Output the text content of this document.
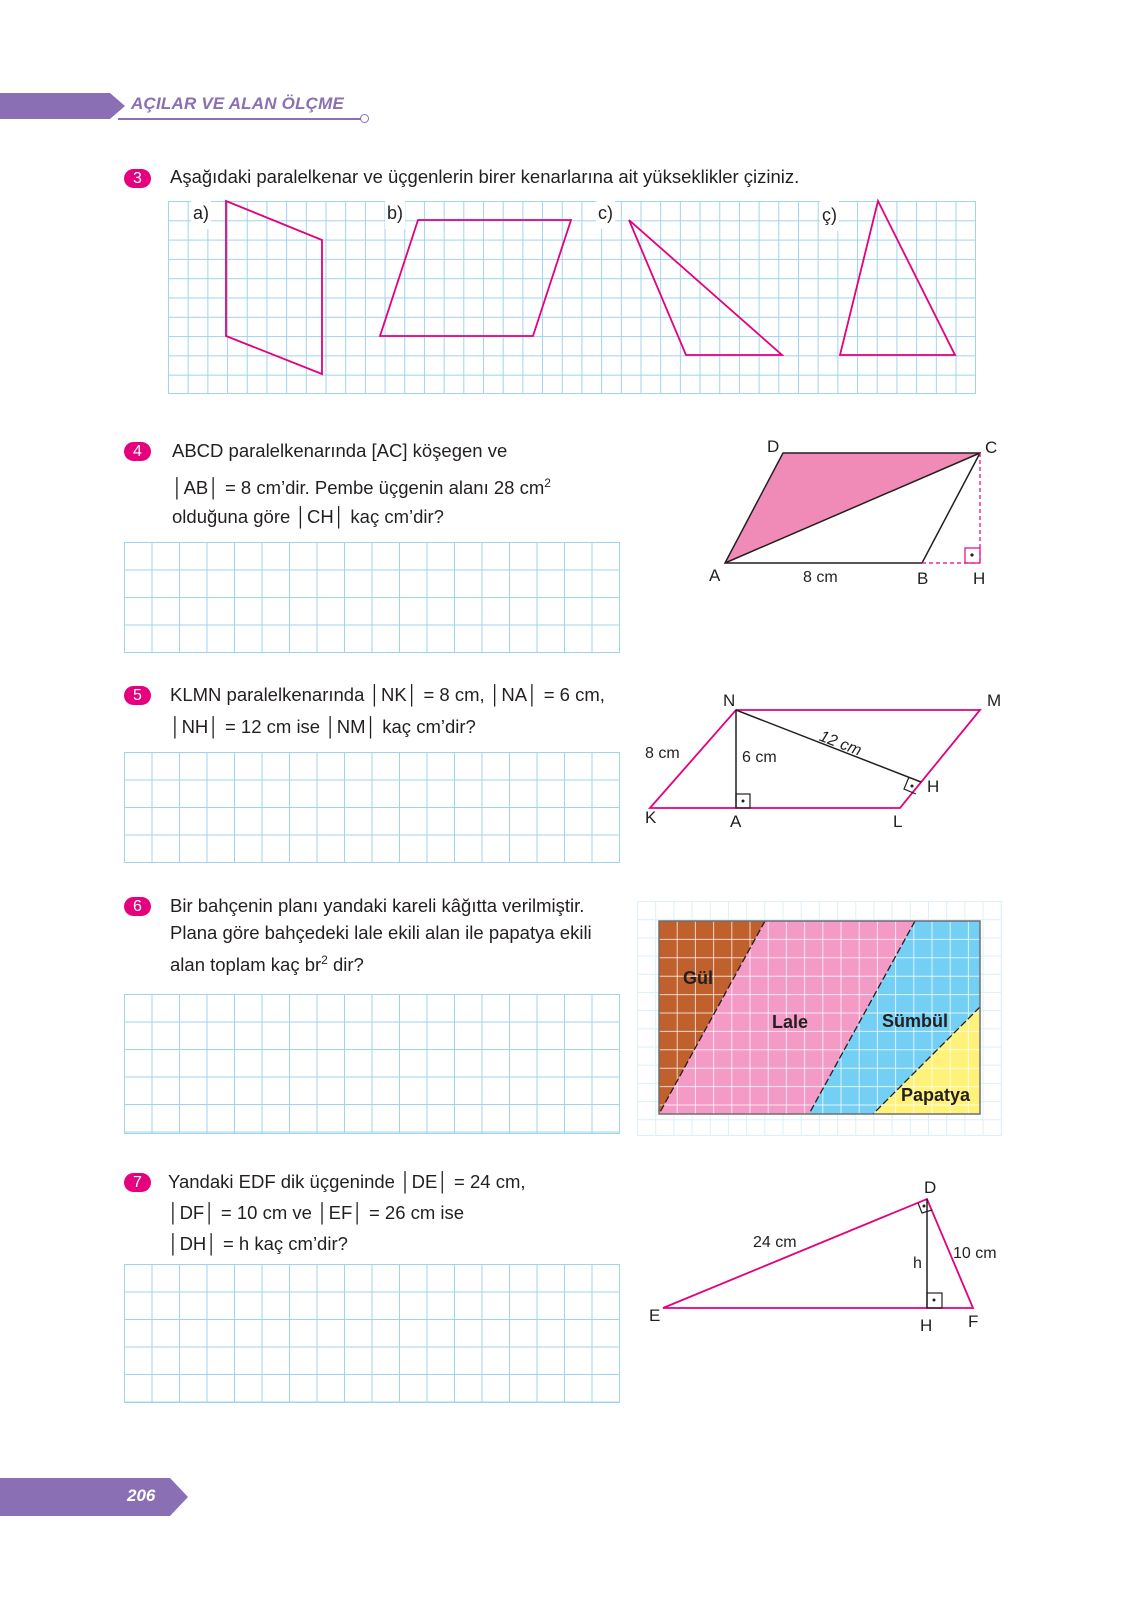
AÇILAR VE ALAN ÖLÇME
3	Aşağıdaki paralelkenar ve üçgenlerin birer kenarlarına ait yükseklikler çiziniz.
a)	b)	c)	ç)
4	ABCD paralelkenarında [AC] köşegen ve
│AB│ = 8 cm’dir. Pembe üçgenin alanı 28 $cm^2$
olduğuna göre │CH│ kaç cm’dir?
D	C
A	B	H
8 cm
5	KLMN paralelkenarında │NK│ = 8 cm, │NA│ = 6 cm,
│NH│ = 12 cm ise │NM│ kaç cm’dir?
N	M
K	A	L
H
8 cm	6 cm	12 cm
6	Bir bahçenin planı yandaki kareli kâğıtta verilmiştir.
Plana göre bahçedeki lale ekili alan ile papatya ekili
alan toplam kaç $br^2$ dir?
Gül
Lale	Sümbül
Papatya
7	Yandaki EDF dik üçgeninde │DE│ = 24 cm,
│DF│ = 10 cm ve │EF│ = 26 cm ise
│DH│ = h kaç cm’dir?
D
E	F
H
h
24 cm
10 cm
206
